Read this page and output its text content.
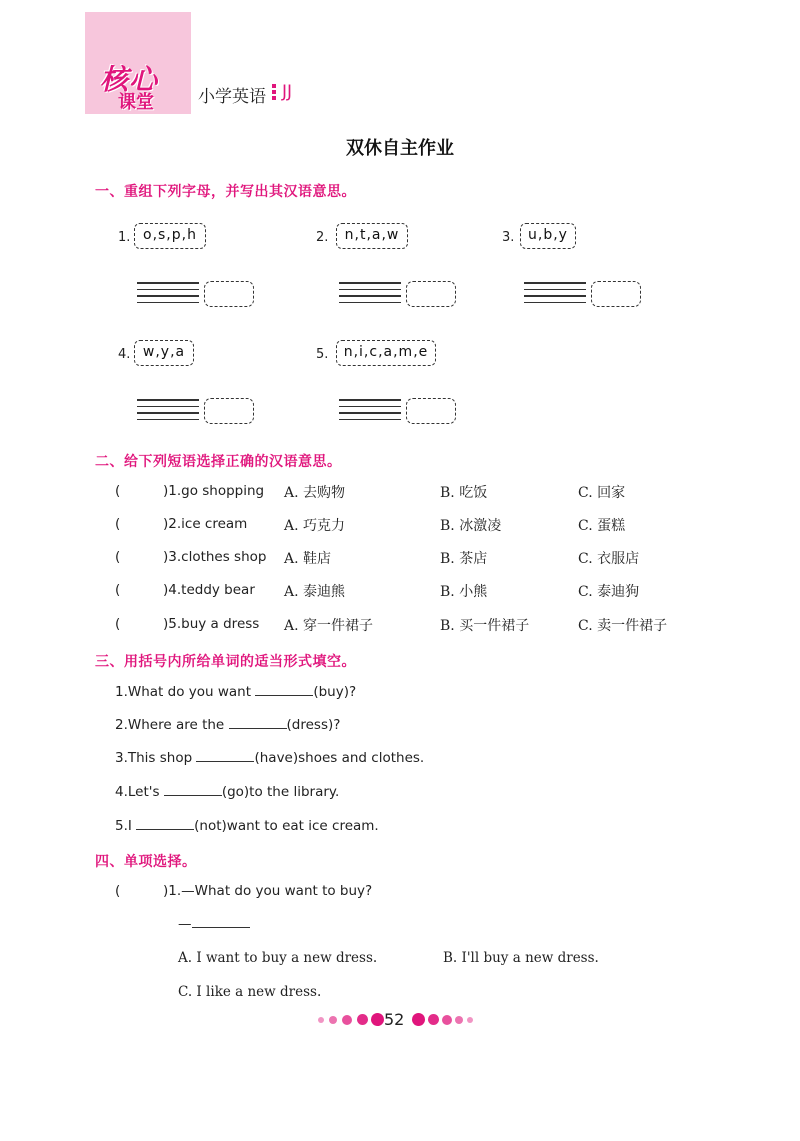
核心
课堂	小学英语 JJ
双休自主作业
一、重组下列字母，并写出其汉语意思。
1. o,s,p,h	2.	n,t,a,w	3. u,b,y
4. w,y,a	5.	n,i,c,a,m,e
二、给下列短语选择正确的汉语意思。
(	)1.go shopping A. 去购物	B. 吃饭	C. 回家
(	)2.ice cream	A. 巧克力	B. 冰激凌	C. 蛋糕
(	)3.clothes shop A. 鞋店	B. 茶店	C. 衣服店
(	)4.teddy bear A. 泰迪熊	B. 小熊	C. 泰迪狗
(	)5.buy a dress A. 穿一件裙子	B. 买一件裙子	C. 卖一件裙子
三、用括号内所给单词的适当形式填空。
1.What do you want	(buy)?
2.Where are the	(dress)?
3.This shop	(have)shoes and clothes.
4.Let's	(go)to the library.
5.I	(not)want to eat ice cream.
四、单项选择。
(	)1.—What do you want to buy?
—
A. I want to buy a new dress.	B. I'll buy a new dress.
C. I like a new dress.
52
